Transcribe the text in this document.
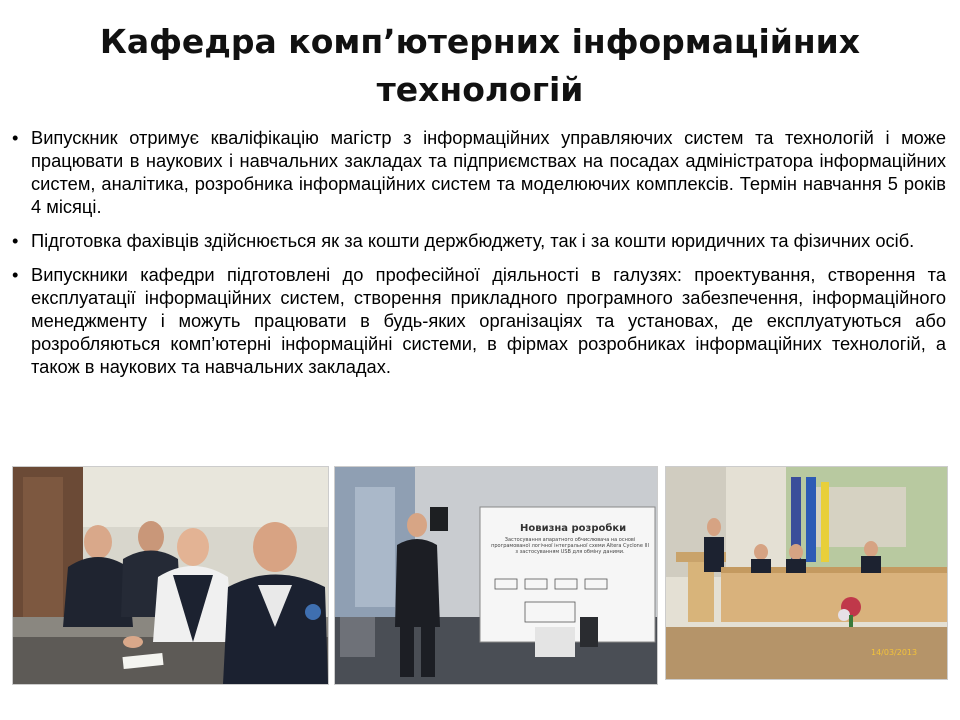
Кафедра комп’ютерних інформаційних
технологій
• Випускник отримує кваліфікацію магістр з інформаційних управляючих систем та технологій і може працювати в наукових і навчальних закладах та підприємствах на посадах адміністратора інформаційних систем, аналітика, розробника інформаційних систем та моделюючих комплексів. Термін навчання 5 років 4 місяці.
• Підготовка фахівців здійснюється як за кошти держбюджету, так і за кошти юридичних та фізичних осіб.
• Випускники кафедри підготовлені до професійної діяльності в галузях: проектування, створення та експлуатації інформаційних систем, створення прикладного програмного забезпечення, інформаційного менеджменту і можуть працювати в будь-яких організаціях та установах, де експлуатуються або розробляються комп’ютерні інформаційні системи, в фірмах розробниках інформаційних технологій, а також в наукових та навчальних закладах.
Новизна розробки
Застосування апаратного обчислювача на основі програмованої логічної інтегральної схеми Altera Cyclone III з застосуванням USB для обміну даними.
14/03/2013
